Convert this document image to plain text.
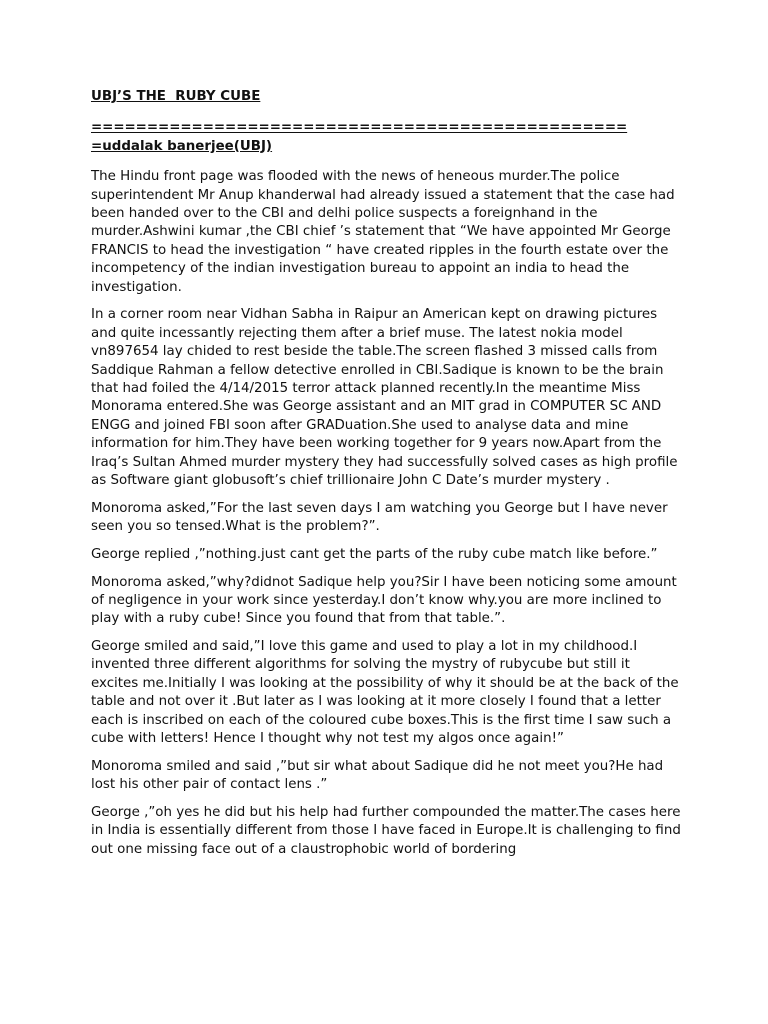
UBJ’S THE  RUBY CUBE
================================================
=uddalak banerjee(UBJ)

The Hindu front page was flooded with the news of heneous murder.The police superintendent Mr Anup khanderwal had already issued a statement that the case had been handed over to the CBI and delhi police suspects a foreignhand in the murder.Ashwini kumar ,the CBI chief ’s statement that “We have appointed Mr George FRANCIS to head the investigation “ have created ripples in the fourth estate over the incompetency of the indian investigation bureau to appoint an india to head the investigation.

In a corner room near Vidhan Sabha in Raipur an American kept on drawing pictures and quite incessantly rejecting them after a brief muse. The latest nokia model vn897654 lay chided to rest beside the table.The screen flashed 3 missed calls from Saddique Rahman a fellow detective enrolled in CBI.Sadique is known to be the brain that had foiled the 4/14/2015 terror attack planned recently.In the meantime Miss Monorama entered.She was George assistant and an MIT grad in COMPUTER SC AND ENGG and joined FBI soon after GRADuation.She used to analyse data and mine information for him.They have been working together for 9 years now.Apart from the Iraq’s Sultan Ahmed murder mystery they had successfully solved cases as high profile as Software giant globusoft’s chief trillionaire John C Date’s murder mystery .

Monoroma asked,”For the last seven days I am watching you George but I have never seen you so tensed.What is the problem?”.

George replied ,”nothing.just cant get the parts of the ruby cube match like before.”

Monoroma asked,”why?didnot Sadique help you?Sir I have been noticing some amount of negligence in your work since yesterday.I don’t know why.you are more inclined to play with a ruby cube! Since you found that from that table.”.

George smiled and said,”I love this game and used to play a lot in my childhood.I invented three different algorithms for solving the mystry of rubycube but still it excites me.Initially I was looking at the possibility of why it should be at the back of the table and not over it .But later as I was looking at it more closely I found that a letter each is inscribed on each of the coloured cube boxes.This is the first time I saw such a cube with letters! Hence I thought why not test my algos once again!”

Monoroma smiled and said ,”but sir what about Sadique did he not meet you?He had lost his other pair of contact lens .”

George ,”oh yes he did but his help had further compounded the matter.The cases here in India is essentially different from those I have faced in Europe.It is challenging to find out one missing face out of a claustrophobic world of bordering
